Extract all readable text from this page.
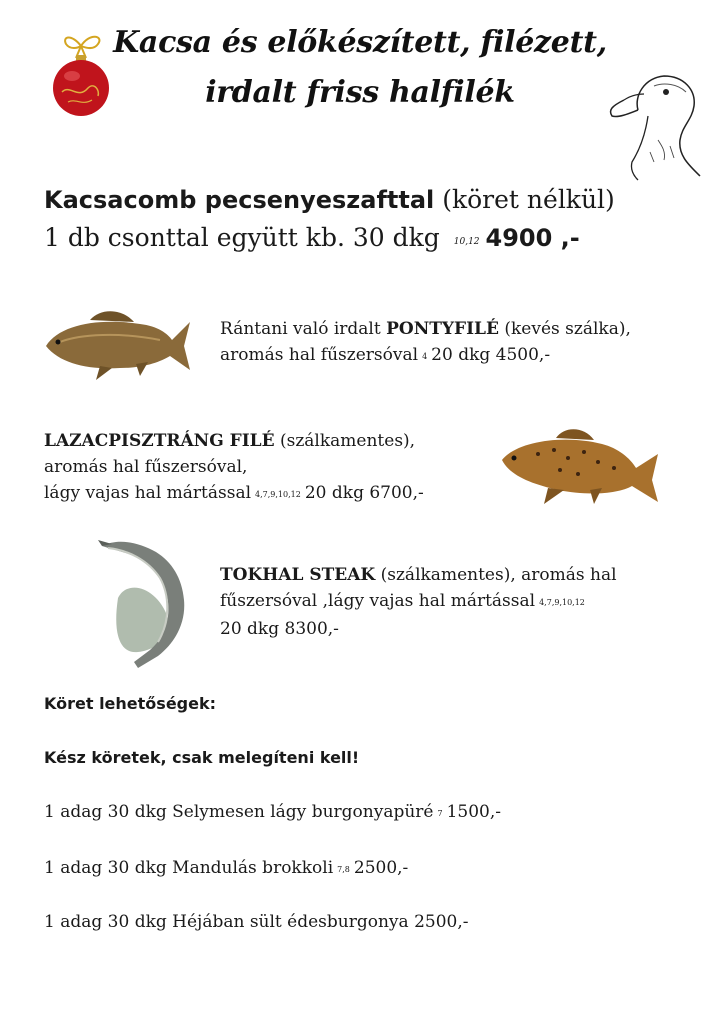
Kacsa és előkészített, filézett,
irdalt friss halfilék
Kacsacomb pecsenyeszafttal (köret nélkül)
1 db csonttal együtt kb. 30 dkg $^{10,12}$ 4900 ,-
Rántani való irdalt PONTYFILÉ (kevés szálka),
aromás hal fűszersóval 4 20 dkg 4500,-
LAZACPISZTRÁNG FILÉ (szálkamentes),
aromás hal fűszersóval,
lágy vajas hal mártással 4,7,9,10,12 20 dkg 6700,-
TOKHAL STEAK (szálkamentes), aromás hal
fűszersóval ,lágy vajas hal mártással 4,7,9,10,12
20 dkg 8300,-
Köret lehetőségek:
Kész köretek, csak melegíteni kell!
1 adag 30 dkg Selymesen lágy burgonyapüré 7 1500,-
1 adag 30 dkg Mandulás brokkoli 7,8 2500,-
1 adag 30 dkg Héjában sült édesburgonya 2500,-
